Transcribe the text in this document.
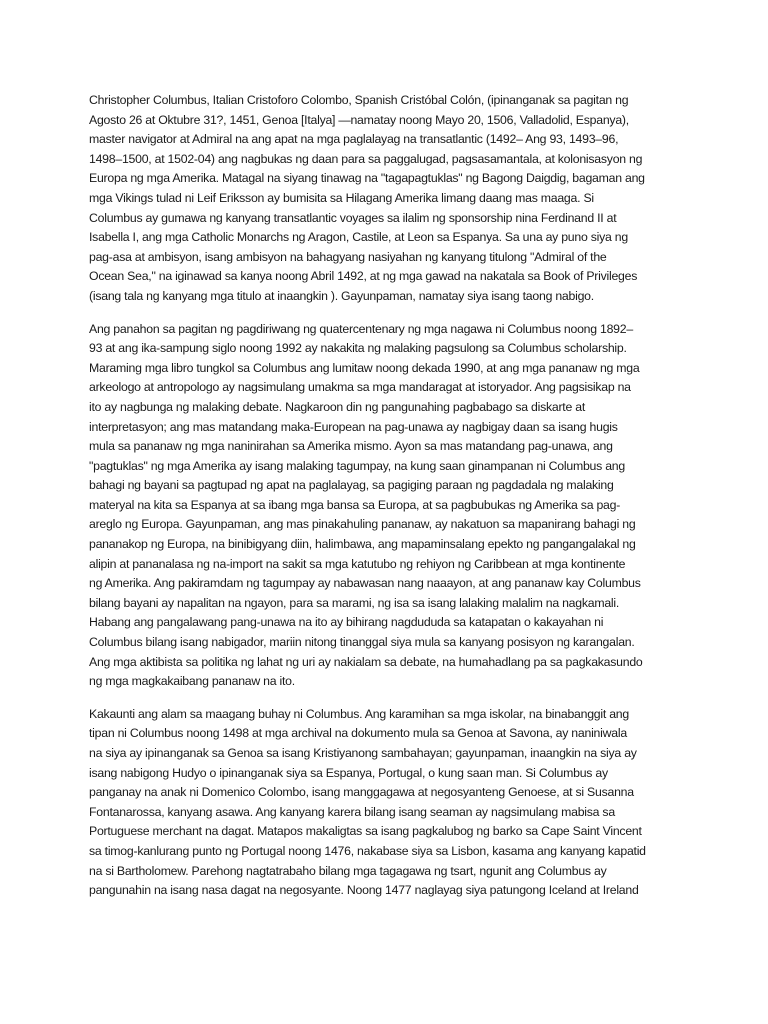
Christopher Columbus, Italian Cristoforo Colombo, Spanish Cristóbal Colón, (ipinanganak sa pagitan ng
Agosto 26 at Oktubre 31?, 1451, Genoa [Italya] —namatay noong Mayo 20, 1506, Valladolid, Espanya),
master navigator at Admiral na ang apat na mga paglalayag na transatlantic (1492– Ang 93, 1493–96,
1498–1500, at 1502-04) ang nagbukas ng daan para sa paggalugad, pagsasamantala, at kolonisasyon ng
Europa ng mga Amerika. Matagal na siyang tinawag na "tagapagtuklas" ng Bagong Daigdig, bagaman ang
mga Vikings tulad ni Leif Eriksson ay bumisita sa Hilagang Amerika limang daang mas maaga. Si
Columbus ay gumawa ng kanyang transatlantic voyages sa ilalim ng sponsorship nina Ferdinand II at
Isabella I, ang mga Catholic Monarchs ng Aragon, Castile, at Leon sa Espanya. Sa una ay puno siya ng
pag-asa at ambisyon, isang ambisyon na bahagyang nasiyahan ng kanyang titulong "Admiral of the
Ocean Sea," na iginawad sa kanya noong Abril 1492, at ng mga gawad na nakatala sa Book of Privileges
(isang tala ng kanyang mga titulo at inaangkin ). Gayunpaman, namatay siya isang taong nabigo.
Ang panahon sa pagitan ng pagdiriwang ng quatercentenary ng mga nagawa ni Columbus noong 1892–
93 at ang ika-sampung siglo noong 1992 ay nakakita ng malaking pagsulong sa Columbus scholarship.
Maraming mga libro tungkol sa Columbus ang lumitaw noong dekada 1990, at ang mga pananaw ng mga
arkeologo at antropologo ay nagsimulang umakma sa mga mandaragat at istoryador. Ang pagsisikap na
ito ay nagbunga ng malaking debate. Nagkaroon din ng pangunahing pagbabago sa diskarte at
interpretasyon; ang mas matandang maka-European na pag-unawa ay nagbigay daan sa isang hugis
mula sa pananaw ng mga naninirahan sa Amerika mismo. Ayon sa mas matandang pag-unawa, ang
"pagtuklas" ng mga Amerika ay isang malaking tagumpay, na kung saan ginampanan ni Columbus ang
bahagi ng bayani sa pagtupad ng apat na paglalayag, sa pagiging paraan ng pagdadala ng malaking
materyal na kita sa Espanya at sa ibang mga bansa sa Europa, at sa pagbubukas ng Amerika sa pag-
areglo ng Europa. Gayunpaman, ang mas pinakahuling pananaw, ay nakatuon sa mapanirang bahagi ng
pananakop ng Europa, na binibigyang diin, halimbawa, ang mapaminsalang epekto ng pangangalakal ng
alipin at pananalasa ng na-import na sakit sa mga katutubo ng rehiyon ng Caribbean at mga kontinente
ng Amerika. Ang pakiramdam ng tagumpay ay nabawasan nang naaayon, at ang pananaw kay Columbus
bilang bayani ay napalitan na ngayon, para sa marami, ng isa sa isang lalaking malalim na nagkamali.
Habang ang pangalawang pang-unawa na ito ay bihirang nagdududa sa katapatan o kakayahan ni
Columbus bilang isang nabigador, mariin nitong tinanggal siya mula sa kanyang posisyon ng karangalan.
Ang mga aktibista sa politika ng lahat ng uri ay nakialam sa debate, na humahadlang pa sa pagkakasundo
ng mga magkakaibang pananaw na ito.
Kakaunti ang alam sa maagang buhay ni Columbus. Ang karamihan sa mga iskolar, na binabanggit ang
tipan ni Columbus noong 1498 at mga archival na dokumento mula sa Genoa at Savona, ay naniniwala
na siya ay ipinanganak sa Genoa sa isang Kristiyanong sambahayan; gayunpaman, inaangkin na siya ay
isang nabigong Hudyo o ipinanganak siya sa Espanya, Portugal, o kung saan man. Si Columbus ay
panganay na anak ni Domenico Colombo, isang manggagawa at negosyanteng Genoese, at si Susanna
Fontanarossa, kanyang asawa. Ang kanyang karera bilang isang seaman ay nagsimulang mabisa sa
Portuguese merchant na dagat. Matapos makaligtas sa isang pagkalubog ng barko sa Cape Saint Vincent
sa timog-kanlurang punto ng Portugal noong 1476, nakabase siya sa Lisbon, kasama ang kanyang kapatid
na si Bartholomew. Parehong nagtatrabaho bilang mga tagagawa ng tsart, ngunit ang Columbus ay
pangunahin na isang nasa dagat na negosyante. Noong 1477 naglayag siya patungong Iceland at Ireland
